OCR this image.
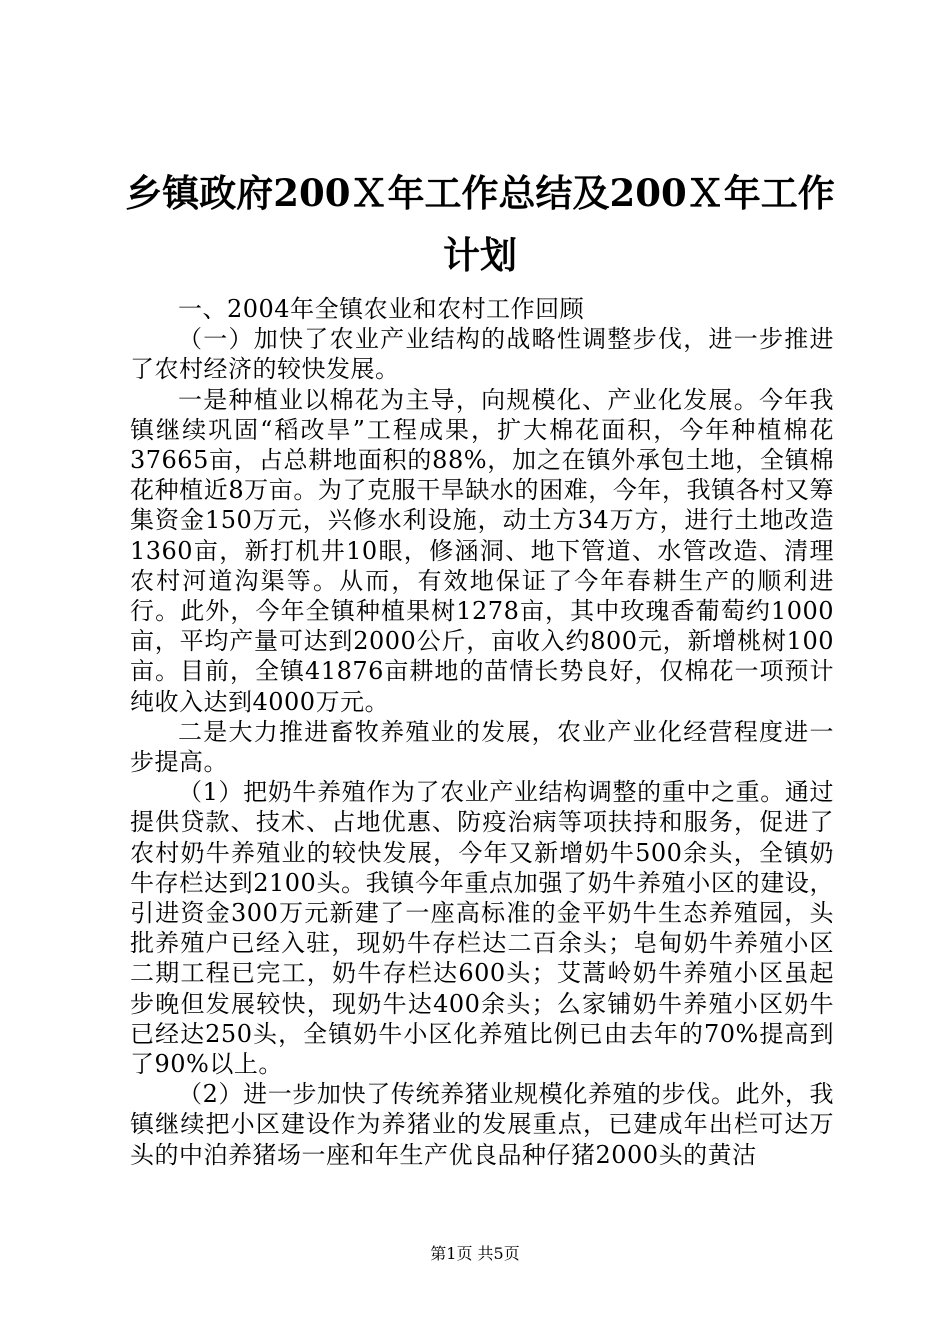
乡镇政府200Ｘ年工作总结及200Ｘ年工作计划

一、2004年全镇农业和农村工作回顾

（一）加快了农业产业结构的战略性调整步伐，进一步推进了农村经济的较快发展。

一是种植业以棉花为主导，向规模化、产业化发展。今年我镇继续巩固“稻改旱”工程成果，扩大棉花面积，今年种植棉花37665亩，占总耕地面积的88%，加之在镇外承包土地，全镇棉花种植近8万亩。为了克服干旱缺水的困难，今年，我镇各村又筹集资金150万元，兴修水利设施，动土方34万方，进行土地改造1360亩，新打机井10眼，修涵洞、地下管道、水管改造、清理农村河道沟渠等。从而，有效地保证了今年春耕生产的顺利进行。此外，今年全镇种植果树1278亩，其中玫瑰香葡萄约1000亩，平均产量可达到2000公斤，亩收入约800元，新增桃树100亩。目前，全镇41876亩耕地的苗情长势良好，仅棉花一项预计纯收入达到4000万元。

二是大力推进畜牧养殖业的发展，农业产业化经营程度进一步提高。

（1）把奶牛养殖作为了农业产业结构调整的重中之重。通过提供贷款、技术、占地优惠、防疫治病等项扶持和服务，促进了农村奶牛养殖业的较快发展，今年又新增奶牛500余头，全镇奶牛存栏达到2100头。我镇今年重点加强了奶牛养殖小区的建设，引进资金300万元新建了一座高标准的金平奶牛生态养殖园，头批养殖户已经入驻，现奶牛存栏达二百余头；皂甸奶牛养殖小区二期工程已完工，奶牛存栏达600头；艾蒿岭奶牛养殖小区虽起步晚但发展较快，现奶牛达400余头；么家铺奶牛养殖小区奶牛已经达250头，全镇奶牛小区化养殖比例已由去年的70%提高到了90%以上。

（2）进一步加快了传统养猪业规模化养殖的步伐。此外，我镇继续把小区建设作为养猪业的发展重点，已建成年出栏可达万头的中泊养猪场一座和年生产优良品种仔猪2000头的黄沽

第1页 共5页
